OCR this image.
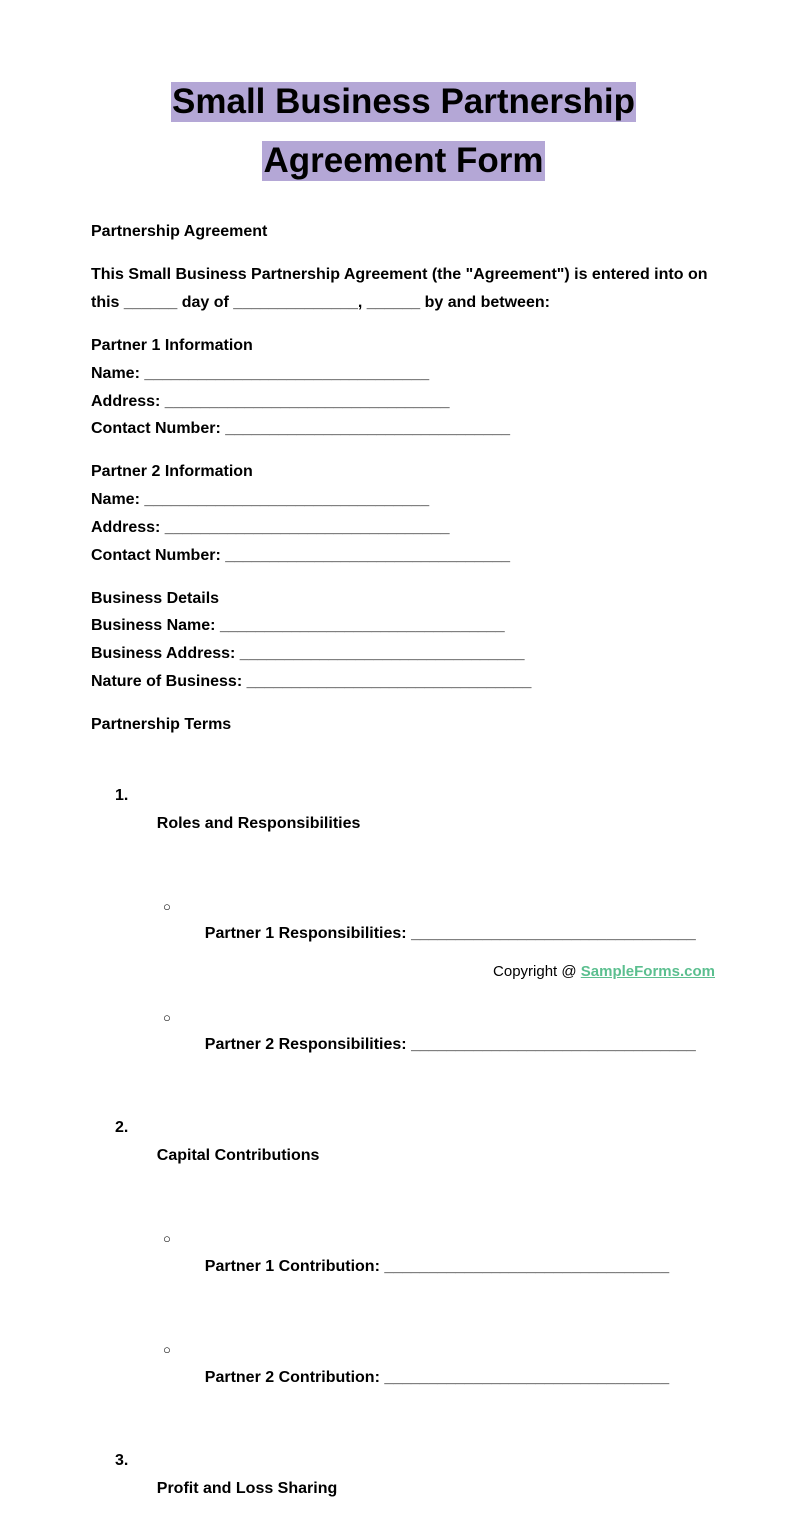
Small Business Partnership
Agreement Form
Partnership Agreement
This Small Business Partnership Agreement (the "Agreement") is entered into on this ______ day of ______________, ______ by and between:
Partner 1 Information
Name: ________________________________
Address: ________________________________
Contact Number: ________________________________
Partner 2 Information
Name: ________________________________
Address: ________________________________
Contact Number: ________________________________
Business Details
Business Name: ________________________________
Business Address: ________________________________
Nature of Business: ________________________________
Partnership Terms

1.

Roles and Responsibilities

○

Partner 1 Responsibilities: ________________________________

○

Partner 2 Responsibilities: ________________________________

2.

Capital Contributions

○

Partner 1 Contribution: ________________________________

○

Partner 2 Contribution: ________________________________

3.

Profit and Loss Sharing

Copyright @ SampleForms.com
